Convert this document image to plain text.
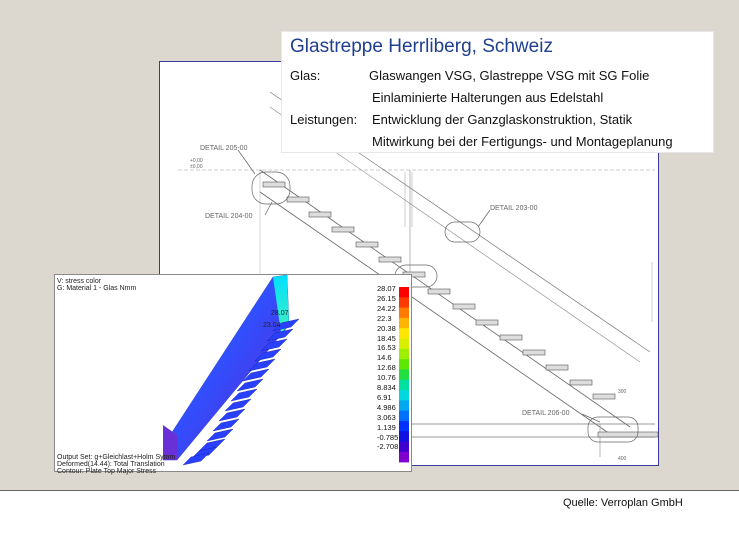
DETAIL 205-00
DETAIL 204-00
DETAIL 203-00
DETAIL 206-00
+0,00
±0,00
400
300
Glastreppe Herrliberg, Schweiz
Glas:	Glaswangen VSG, Glastreppe VSG mit SG Folie
Einlaminierte Halterungen aus Edelstahl
Leistungen: Entwicklung der Ganzglaskonstruktion, Statik
Mitwirkung bei der Fertigungs- und Montageplanung
V: stress color
G: Material 1 - Glas Nmm
28.07
23.04
Output Set: g+Gleichlast+Holm Symm
Deformed(14.44): Total Translation
Contour: Plate Top Major Stress
28.07
26.15
24.22
22.3
20.38
18.45
16.53
14.6
12.68
10.76
8.834
6.91
4.986
3.063
1.139
-0.785
-2.708
Quelle: Verroplan GmbH
